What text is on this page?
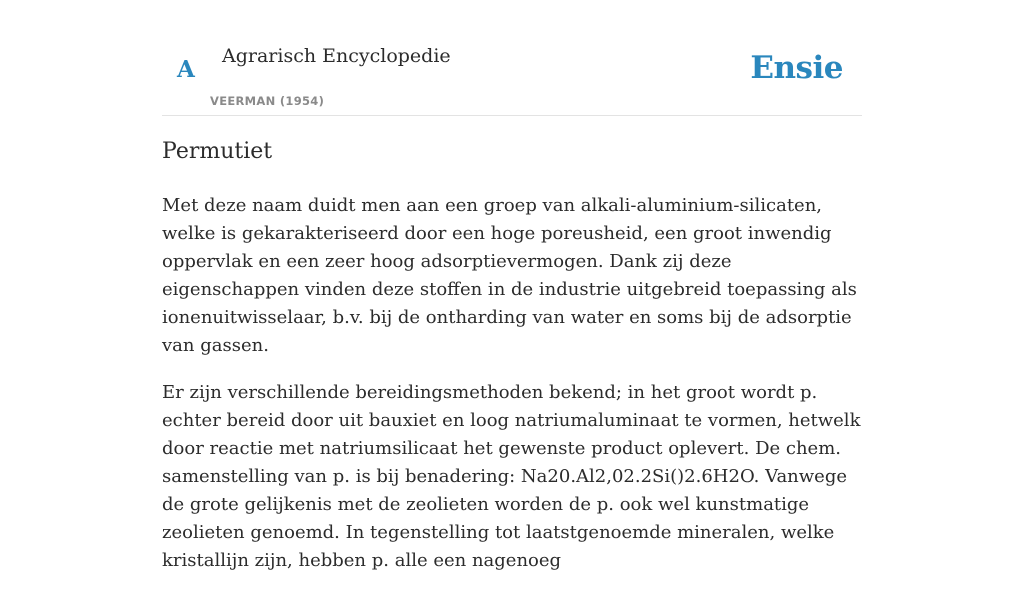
A Agrarisch Encyclopedie
VEERMAN (1954)
Ensie
Permutiet

Met deze naam duidt men aan een groep van alkali-aluminium-silicaten, welke is gekarakteriseerd door een hoge poreusheid, een groot inwendig oppervlak en een zeer hoog adsorptievermogen. Dank zij deze eigenschappen vinden deze stoffen in de industrie uitgebreid toepassing als ionenuitwisselaar, b.v. bij de ontharding van water en soms bij de adsorptie van gassen.

Er zijn verschillende bereidingsmethoden bekend; in het groot wordt p. echter bereid door uit bauxiet en loog natriumaluminaat te vormen, hetwelk door reactie met natriumsilicaat het gewenste product oplevert. De chem. samenstelling van p. is bij benadering: Na20.Al2,02.2Si()2.6H2O. Vanwege de grote gelijkenis met de zeolieten worden de p. ook wel kunstmatige zeolieten genoemd. In tegenstelling tot laatstgenoemde mineralen, welke kristallijn zijn, hebben p. alle een nagenoeg
